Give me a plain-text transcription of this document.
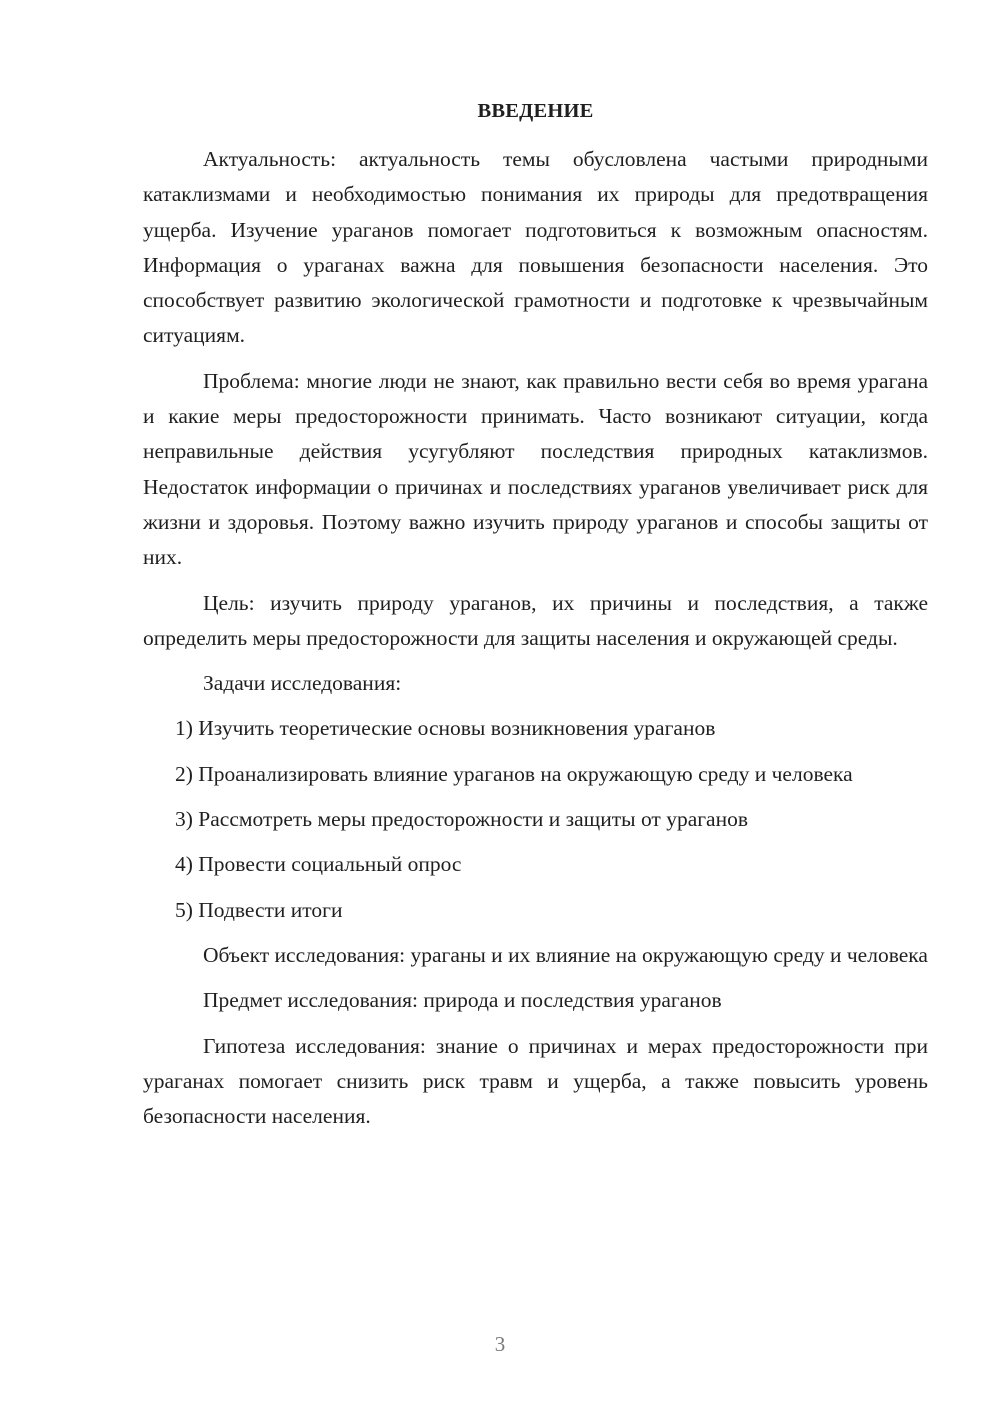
ВВЕДЕНИЕ

Актуальность: актуальность темы обусловлена частыми природными катаклизмами и необходимостью понимания их природы для предотвращения ущерба. Изучение ураганов помогает подготовиться к возможным опасностям. Информация о ураганах важна для повышения безопасности населения. Это способствует развитию экологической грамотности и подготовке к чрезвычайным ситуациям.

Проблема: многие люди не знают, как правильно вести себя во время урагана и какие меры предосторожности принимать. Часто возникают ситуации, когда неправильные действия усугубляют последствия природных катаклизмов. Недостаток информации о причинах и последствиях ураганов увеличивает риск для жизни и здоровья. Поэтому важно изучить природу ураганов и способы защиты от них.

Цель: изучить природу ураганов, их причины и последствия, а также определить меры предосторожности для защиты населения и окружающей среды.

Задачи исследования:

1) Изучить теоретические основы возникновения ураганов

2) Проанализировать влияние ураганов на окружающую среду и человека

3) Рассмотреть меры предосторожности и защиты от ураганов

4) Провести социальный опрос

5) Подвести итоги

Объект исследования: ураганы и их влияние на окружающую среду и человека

Предмет исследования: природа и последствия ураганов

Гипотеза исследования: знание о причинах и мерах предосторожности при ураганах помогает снизить риск травм и ущерба, а также повысить уровень безопасности населения.

3
